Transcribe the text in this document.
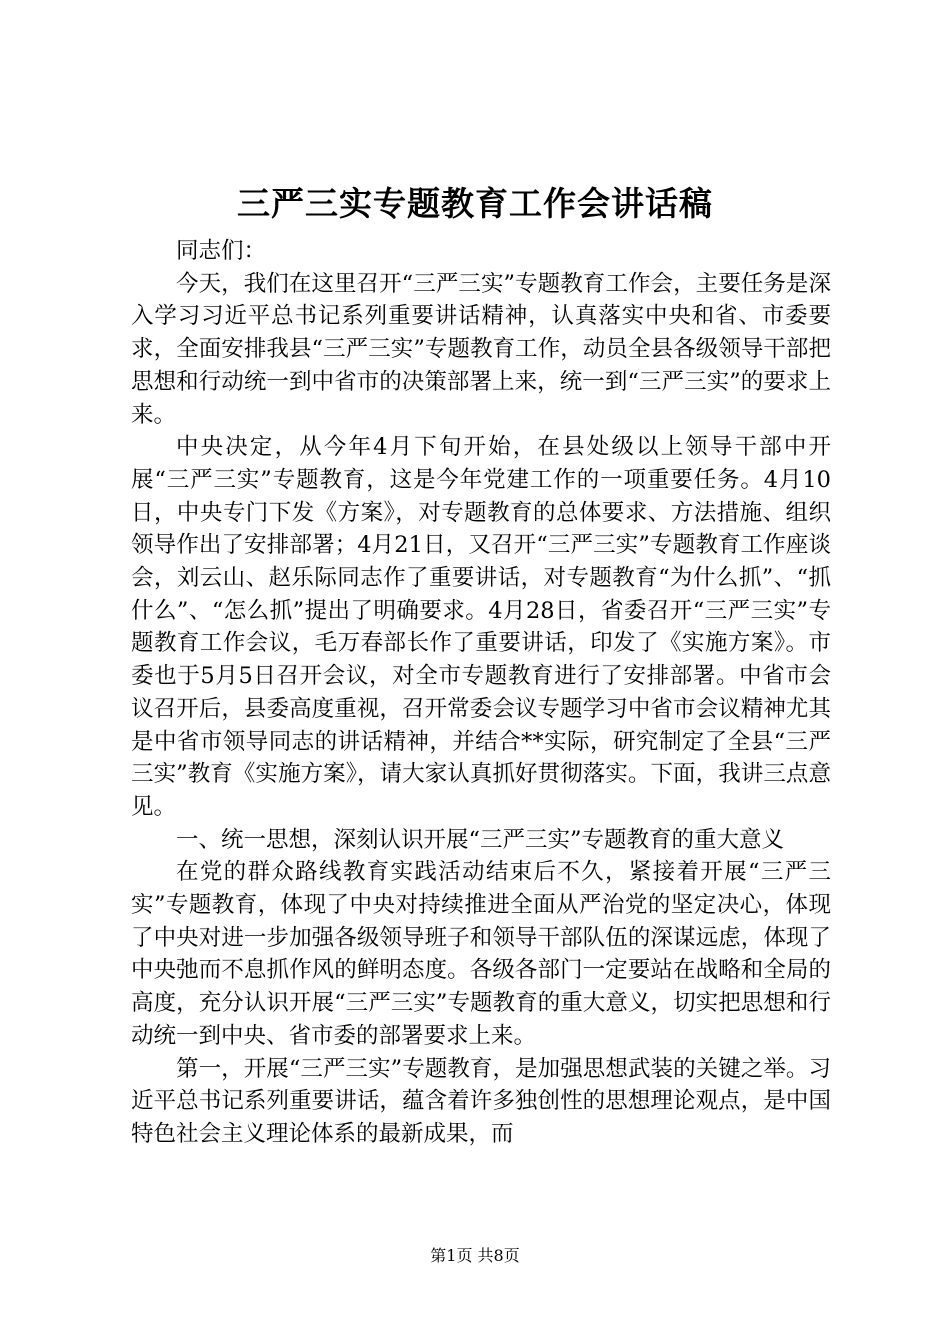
三严三实专题教育工作会讲话稿

同志们：

今天，我们在这里召开“三严三实”专题教育工作会，主要任务是深入学习习近平总书记系列重要讲话精神，认真落实中央和省、市委要求，全面安排我县“三严三实”专题教育工作，动员全县各级领导干部把思想和行动统一到中省市的决策部署上来，统一到“三严三实”的要求上来。

中央决定，从今年4月下旬开始，在县处级以上领导干部中开展“三严三实”专题教育，这是今年党建工作的一项重要任务。4月10日，中央专门下发《方案》，对专题教育的总体要求、方法措施、组织领导作出了安排部署；4月21日，又召开“三严三实”专题教育工作座谈会，刘云山、赵乐际同志作了重要讲话，对专题教育“为什么抓”、“抓什么”、“怎么抓”提出了明确要求。4月28日，省委召开“三严三实”专题教育工作会议，毛万春部长作了重要讲话，印发了《实施方案》。市委也于5月5日召开会议，对全市专题教育进行了安排部署。中省市会议召开后，县委高度重视，召开常委会议专题学习中省市会议精神尤其是中省市领导同志的讲话精神，并结合**实际，研究制定了全县“三严三实”教育《实施方案》，请大家认真抓好贯彻落实。下面，我讲三点意见。

一、统一思想，深刻认识开展“三严三实”专题教育的重大意义

在党的群众路线教育实践活动结束后不久，紧接着开展“三严三实”专题教育，体现了中央对持续推进全面从严治党的坚定决心，体现了中央对进一步加强各级领导班子和领导干部队伍的深谋远虑，体现了中央弛而不息抓作风的鲜明态度。各级各部门一定要站在战略和全局的高度，充分认识开展“三严三实”专题教育的重大意义，切实把思想和行动统一到中央、省市委的部署要求上来。

第一，开展“三严三实”专题教育，是加强思想武装的关键之举。习近平总书记系列重要讲话，蕴含着许多独创性的思想理论观点，是中国特色社会主义理论体系的最新成果，而

第1页 共8页
